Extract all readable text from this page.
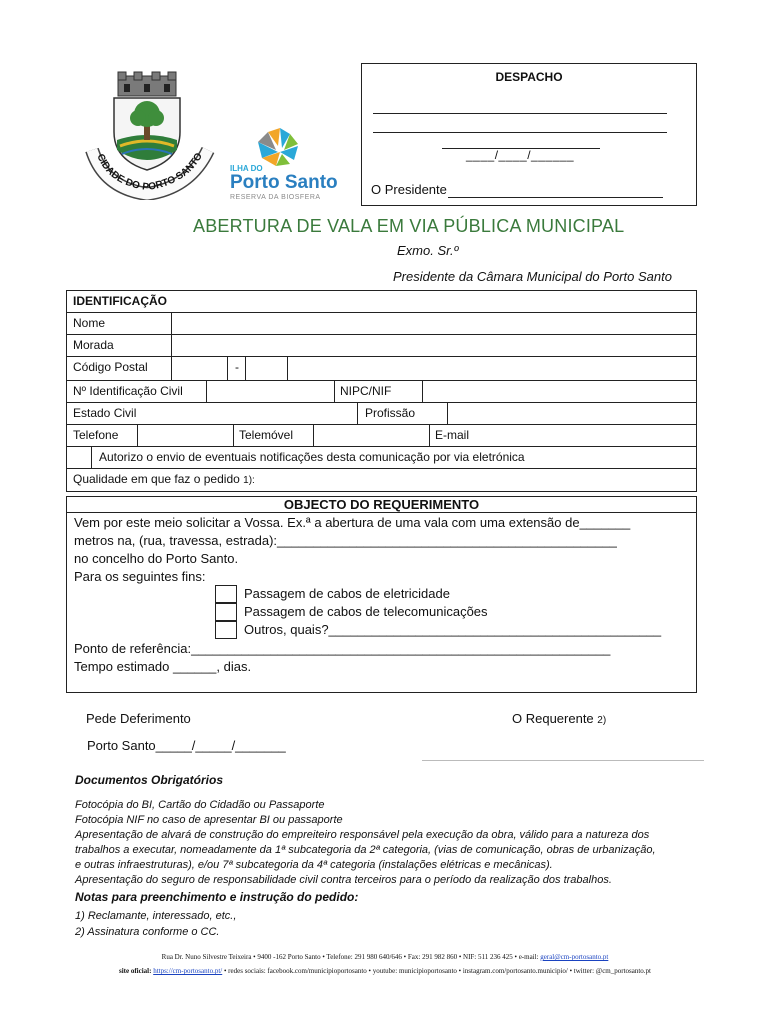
CIDADE DO PORTO SANTO
ILHA DO
Porto Santo
RESERVA DA BIOSFERA
DESPACHO
____/____/______
O Presidente
ABERTURA DE VALA EM VIA PÚBLICA MUNICIPAL
Exmo. Sr.º
Presidente da Câmara Municipal do Porto Santo
IDENTIFICAÇÃO
Nome
Morada
Código Postal	-
Nº Identificação Civil	NIPC/NIF
Estado Civil	Profissão
Telefone	Telemóvel	E-mail
Autorizo o envio de eventuais notificações desta comunicação por via eletrónica
Qualidade em que faz o pedido 1):
OBJECTO DO REQUERIMENTO
Vem por este meio solicitar a Vossa. Ex.ª a abertura de uma vala com uma extensão de_______
metros na, (rua, travessa, estrada):_______________________________________________
no concelho do Porto Santo.
Para os seguintes fins:
Passagem de cabos de eletricidade
Passagem de cabos de telecomunicações
Outros, quais?______________________________________________
Ponto de referência:__________________________________________________________
Tempo estimado ______, dias.
Pede Deferimento	O Requerente 2)
Porto Santo_____/_____/_______
Documentos Obrigatórios
Fotocópia do BI, Cartão do Cidadão ou Passaporte
Fotocópia NIF no caso de apresentar BI ou passaporte
Apresentação de alvará de construção do empreiteiro responsável pela execução da obra, válido para a natureza dos
trabalhos a executar, nomeadamente da 1ª subcategoria da 2ª categoria, (vias de comunicação, obras de urbanização,
e outras infraestruturas), e/ou 7ª subcategoria da 4ª categoria (instalações elétricas e mecânicas).
Apresentação do seguro de responsabilidade civil contra terceiros para o período da realização dos trabalhos.
Notas para preenchimento e instrução do pedido:
1) Reclamante, interessado, etc.,
2) Assinatura conforme o CC.
Rua Dr. Nuno Silvestre Teixeira • 9400 -162 Porto Santo • Telefone: 291 980 640/646 • Fax: 291 982 860 • NIF: 511 236 425 • e-mail: geral@cm-portosanto.pt
site oficial: https://cm-portosanto.pt/ • redes sociais: facebook.com/municipioportosanto • youtube: municipioportosanto • instagram.com/portosanto.municipio/ • twitter: @cm_portosanto.pt
